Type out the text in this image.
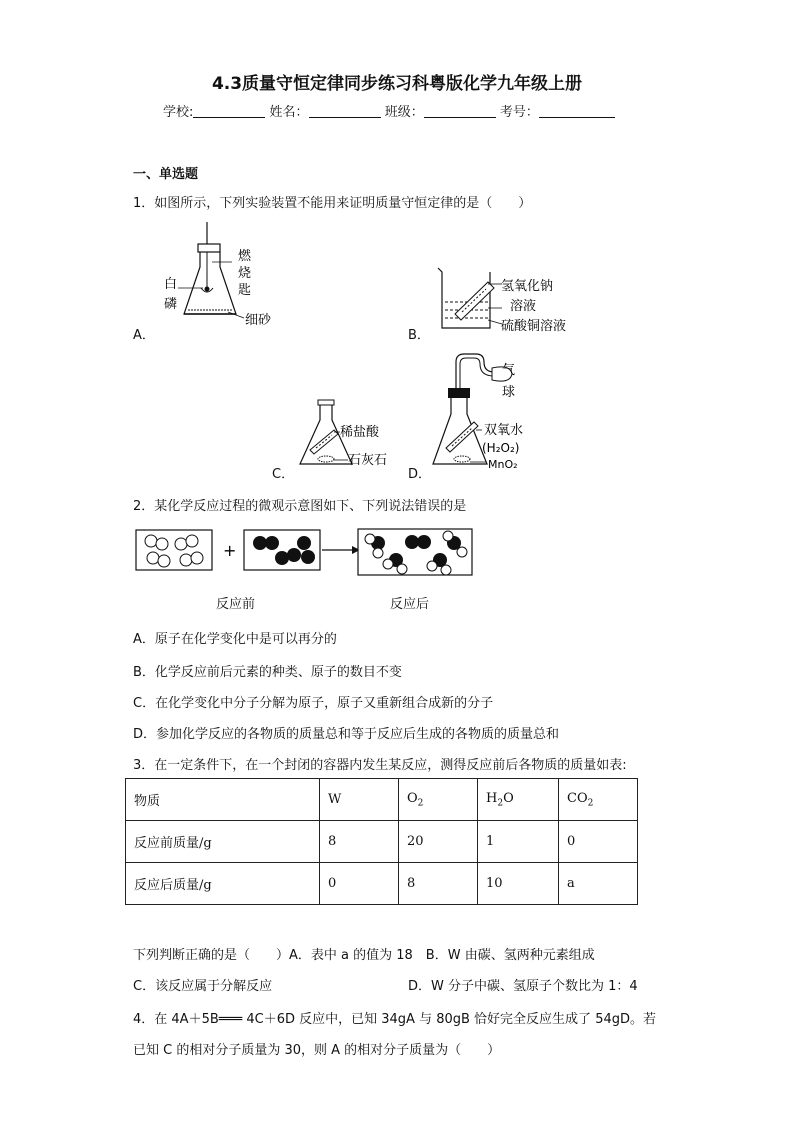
4.3质量守恒定律同步练习科粤版化学九年级上册
学校:	姓名：	班级：	考号：
一、单选题
1．如图所示，下列实验装置不能用来证明质量守恒定律的是（　　）
A．	B．
C．	D．
燃
烧
匙
白
磷
细砂
氢氧化钠
溶液
硫酸铜溶液
稀盐酸
石灰石
气
球
双氧水
(H₂O₂)
MnO₂
2．某化学反应过程的微观示意图如下、下列说法错误的是
+
反应前	反应后
A．原子在化学变化中是可以再分的
B．化学反应前后元素的种类、原子的数目不变
C．在化学变化中分子分解为原子，原子又重新组合成新的分子
D．参加化学反应的各物质的质量总和等于反应后生成的各物质的质量总和
3．在一定条件下，在一个封闭的容器内发生某反应，测得反应前后各物质的质量如表:
物质	W	$O_2$	$H_2O$	$CO_2$
反应前质量/g	8	20	1	0
反应后质量/g	0	8	10	a
下列判断正确的是（　　）A．表中 a 的值为 18　B．W 由碳、氢两种元素组成
C．该反应属于分解反应	D．W 分子中碳、氢原子个数比为 1：4
4．在 4A＋5B═══ 4C＋6D 反应中，已知 34gA 与 80gB 恰好完全反应生成了 54gD。若
已知 C 的相对分子质量为 30，则 A 的相对分子质量为（　　）
